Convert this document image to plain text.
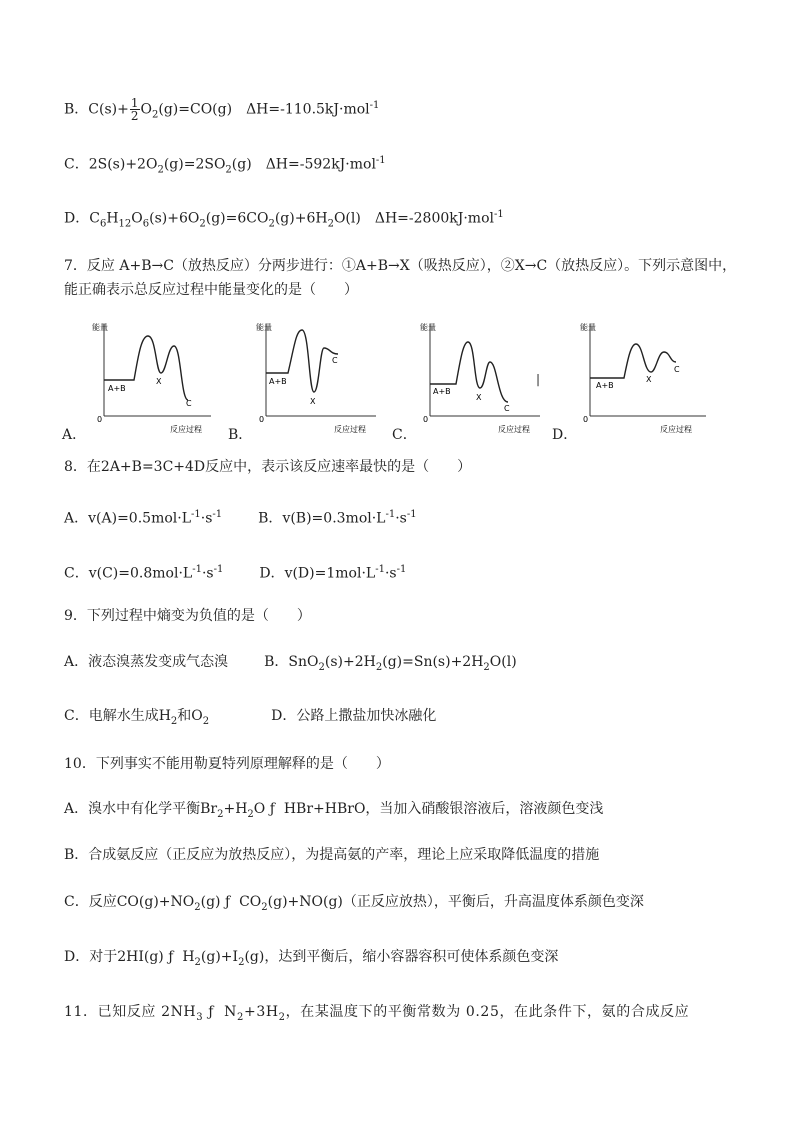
B．$C(s)+ \frac{1}{2} O_2(g)=CO(g)$ ΔH=-110.5kJ·mol$^{-1}$
C．$2S(s)+2O_2(g)=2SO_2(g)$ ΔH=-592kJ·mol$^{-1}$
D．$C_6H_{12}O_6(s)+6O_2(g)=6CO_2(g)+6H_2O(l)$ ΔH=-2800kJ·mol$^{-1}$
7．反应 A+B→C（放热反应）分两步进行：①A+B→X（吸热反应），②X→C（放热反应）。下列示意图中，
能正确表示总反应过程中能量变化的是（　　）
能量
0
A+B
X
C
反应过程
A．
能量
0
A+B
X
C
反应过程
B．
能量
0
A+B
X
C
反应过程
C．
|
能量
0
A+B
X
C
反应过程
D．
8．在2A+B=3C+4D反应中，表示该反应速率最快的是（　　）
A．$v(A)=0.5mol\cdot L^{-1}\cdot s^{-1}$	B．$v(B)=0.3mol\cdot L^{-1}\cdot s^{-1}$
C．$v(C)=0.8mol\cdot L^{-1}\cdot s^{-1}$	D．$v(D)=1mol\cdot L^{-1}\cdot s^{-1}$
9．下列过程中熵变为负值的是（　　）
A．液态溴蒸发变成气态溴	B．$SnO_2(s)+2H_2(g)=Sn(s)+2H_2O(l)$
C．电解水生成$H_2$和$O_2$	D．公路上撒盐加快冰融化
10．下列事实不能用勒夏特列原理解释的是（　　）
A．溴水中有化学平衡$Br_2+H_2O$ ƒ HBr+HBrO，当加入硝酸银溶液后，溶液颜色变浅
B．合成氨反应（正反应为放热反应），为提高氨的产率，理论上应采取降低温度的措施
C．反应$CO(g)+NO_2(g)$ ƒ $CO_2(g)+NO(g)$（正反应放热），平衡后，升高温度体系颜色变深
D．对于2HI(g) ƒ $H_2(g)+I_2(g)$，达到平衡后，缩小容器容积可使体系颜色变深
11．已知反应 $2NH_3$ ƒ $N_2+3H_2$，在某温度下的平衡常数为 0.25，在此条件下，氨的合成反应
